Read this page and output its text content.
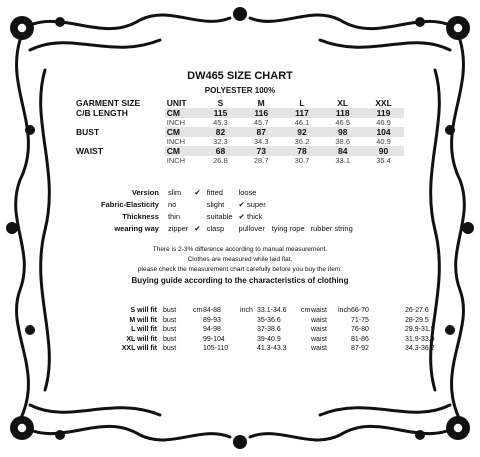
DW465 SIZE CHART
POLYESTER 100%
GARMENT SIZE	UNIT	S	M	L	XL	XXL
C/B LENGTH	CM	115	116	117	118	119
	INCH	45.3	45.7	46.1	46.5	46.9
BUST	CM	82	87	92	98	104
	INCH	32.3	34.3	36.2	38.6	40.9
WAIST	CM	68	73	78	84	90
	INCH	26.8	28.7	30.7	33.1	35.4
Version	slim	✔	fitted	loose		
Fabric-Elasticity	no		slight	✔ super		
Thickness	thin		suitable	✔ thick		
wearing way	zipper	✔	clasp	pullover	tying rope	rubber string
There is 2-3% difference according to manual measurement.
Clothes are measured while laid flat.
please check the measurement chart carefully before you buy the item.
Buying guide according to the characteristics of clothing
cm	inch	cm	inch
S will fit	bust	84-88	33.1-34.6	waist	66-70	26-27.6
M will fit	bust	89-93	35-36.6	waist	71-75	28-29.5
L will fit	bust	94-98	37-38.6	waist	76-80	29.9-31.5
XL will fit	bust	99-104	39-40.9	waist	81-86	31.9-33.9
XXL will fit	bust	105-110	41.3-43.3	waist	87-92	34.3-36.2
